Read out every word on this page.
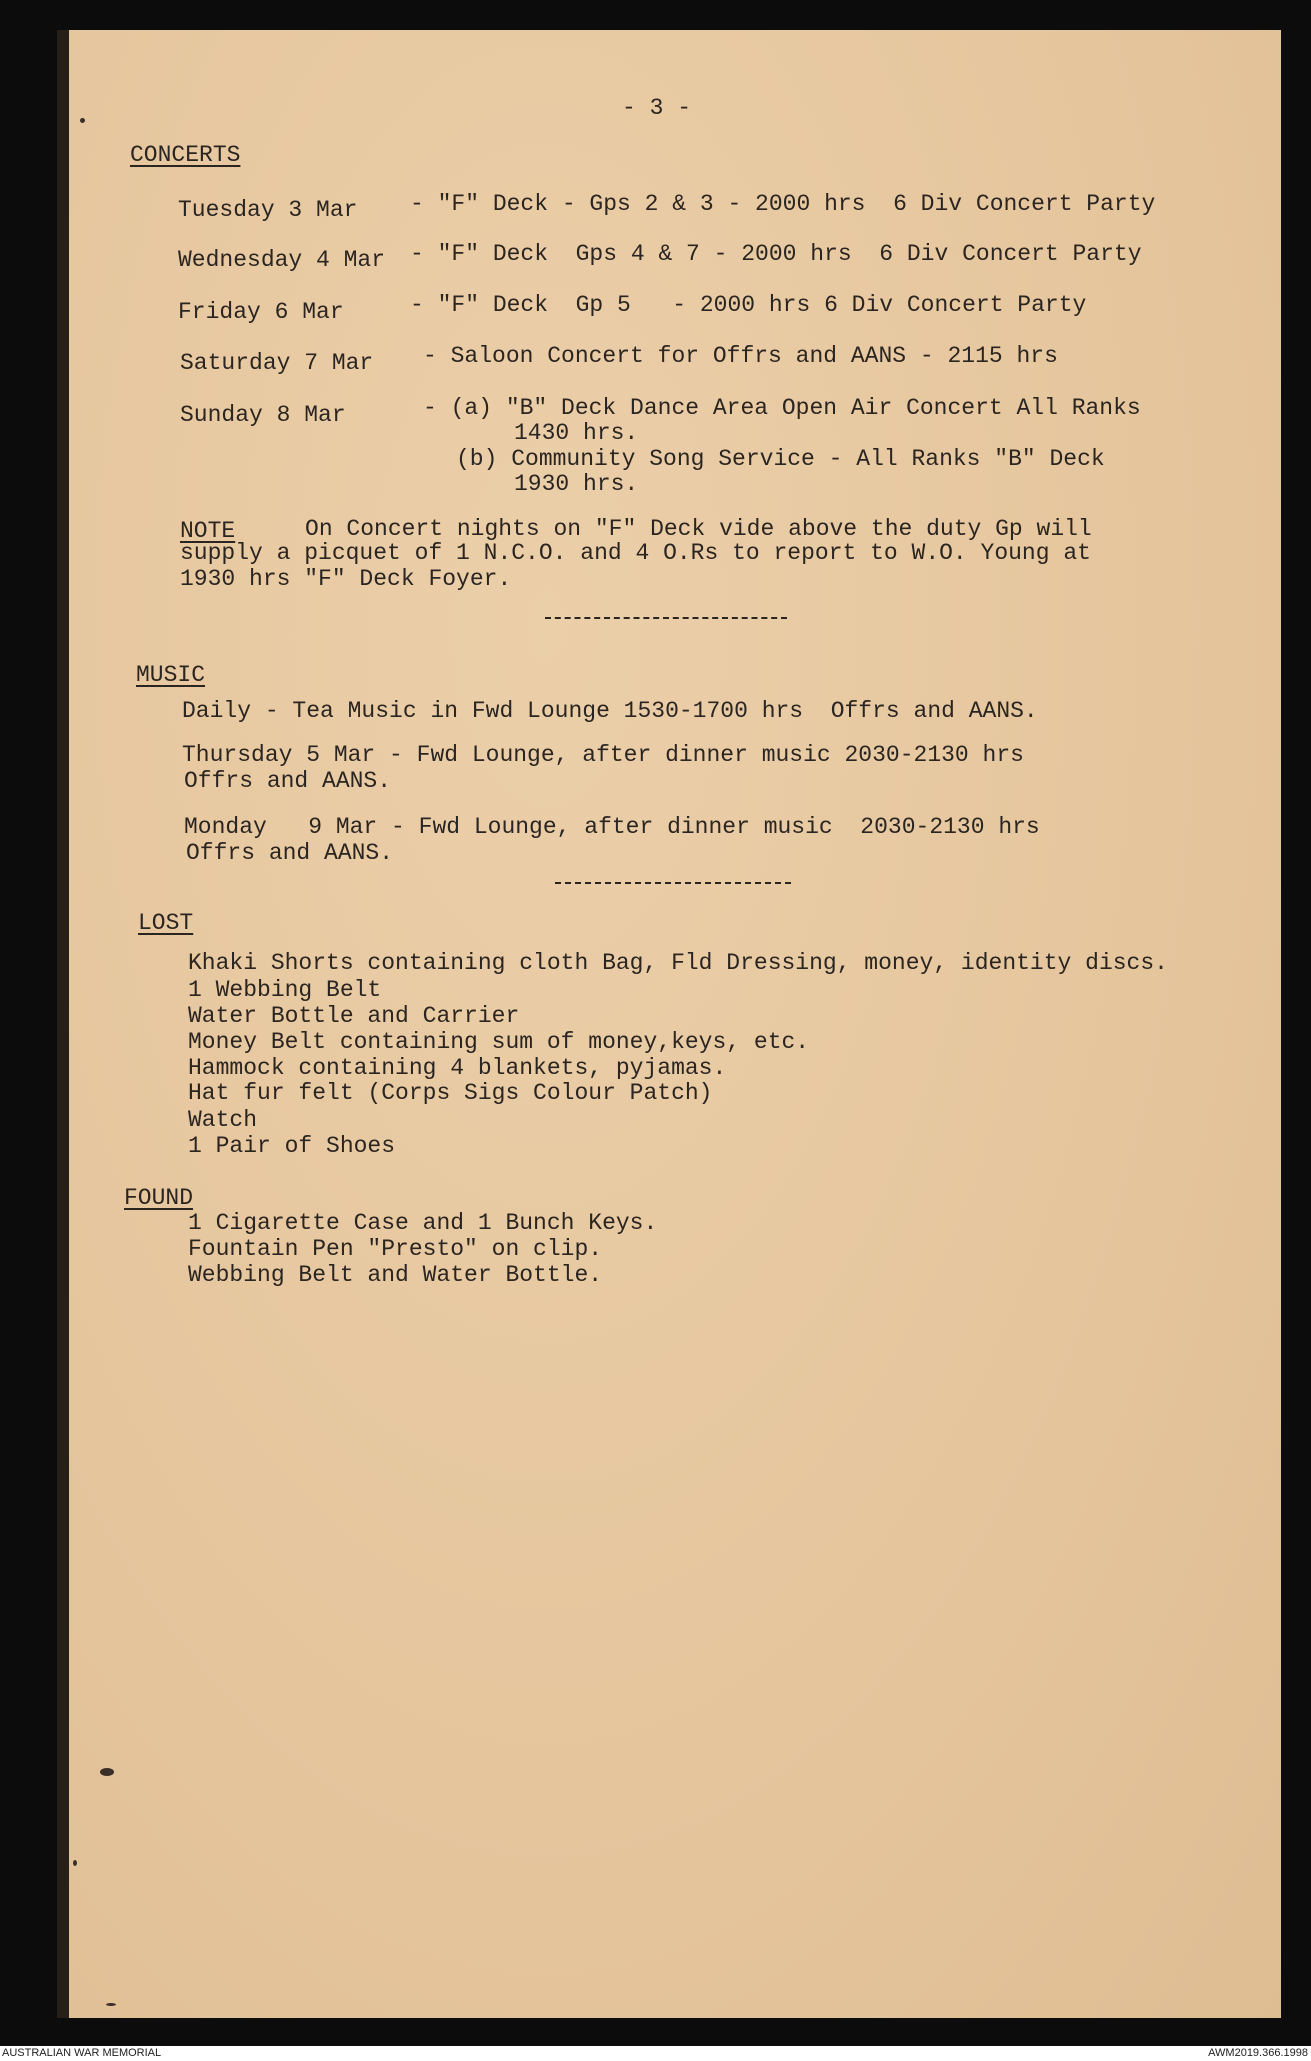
- 3 -
CONCERTS
Tuesday 3 Mar - "F" Deck - Gps 2 & 3 - 2000 hrs  6 Div Concert Party
Wednesday 4 Mar - "F" Deck  Gps 4 & 7 - 2000 hrs  6 Div Concert Party
Friday 6 Mar	- "F" Deck  Gp 5   - 2000 hrs 6 Div Concert Party
Saturday 7 Mar - Saloon Concert for Offrs and AANS - 2115 hrs
Sunday 8 Mar	- (a) "B" Deck Dance Area Open Air Concert All Ranks
1430 hrs.
(b) Community Song Service - All Ranks "B" Deck
1930 hrs.
NOTE On Concert nights on "F" Deck vide above the duty Gp will
supply a picquet of 1 N.C.O. and 4 O.Rs to report to W.O. Young at
1930 hrs "F" Deck Foyer.
MUSIC
Daily - Tea Music in Fwd Lounge 1530-1700 hrs  Offrs and AANS.
Thursday 5 Mar - Fwd Lounge, after dinner music 2030-2130 hrs
Offrs and AANS.
Monday   9 Mar - Fwd Lounge, after dinner music  2030-2130 hrs
Offrs and AANS.
LOST
Khaki Shorts containing cloth Bag, Fld Dressing, money, identity discs.
1 Webbing Belt
Water Bottle and Carrier
Money Belt containing sum of money,keys, etc.
Hammock containing 4 blankets, pyjamas.
Hat fur felt (Corps Sigs Colour Patch)
Watch
1 Pair of Shoes
FOUND
1 Cigarette Case and 1 Bunch Keys.
Fountain Pen "Presto" on clip.
Webbing Belt and Water Bottle.
AUSTRALIAN WAR MEMORIAL	AWM2019.366.1998
